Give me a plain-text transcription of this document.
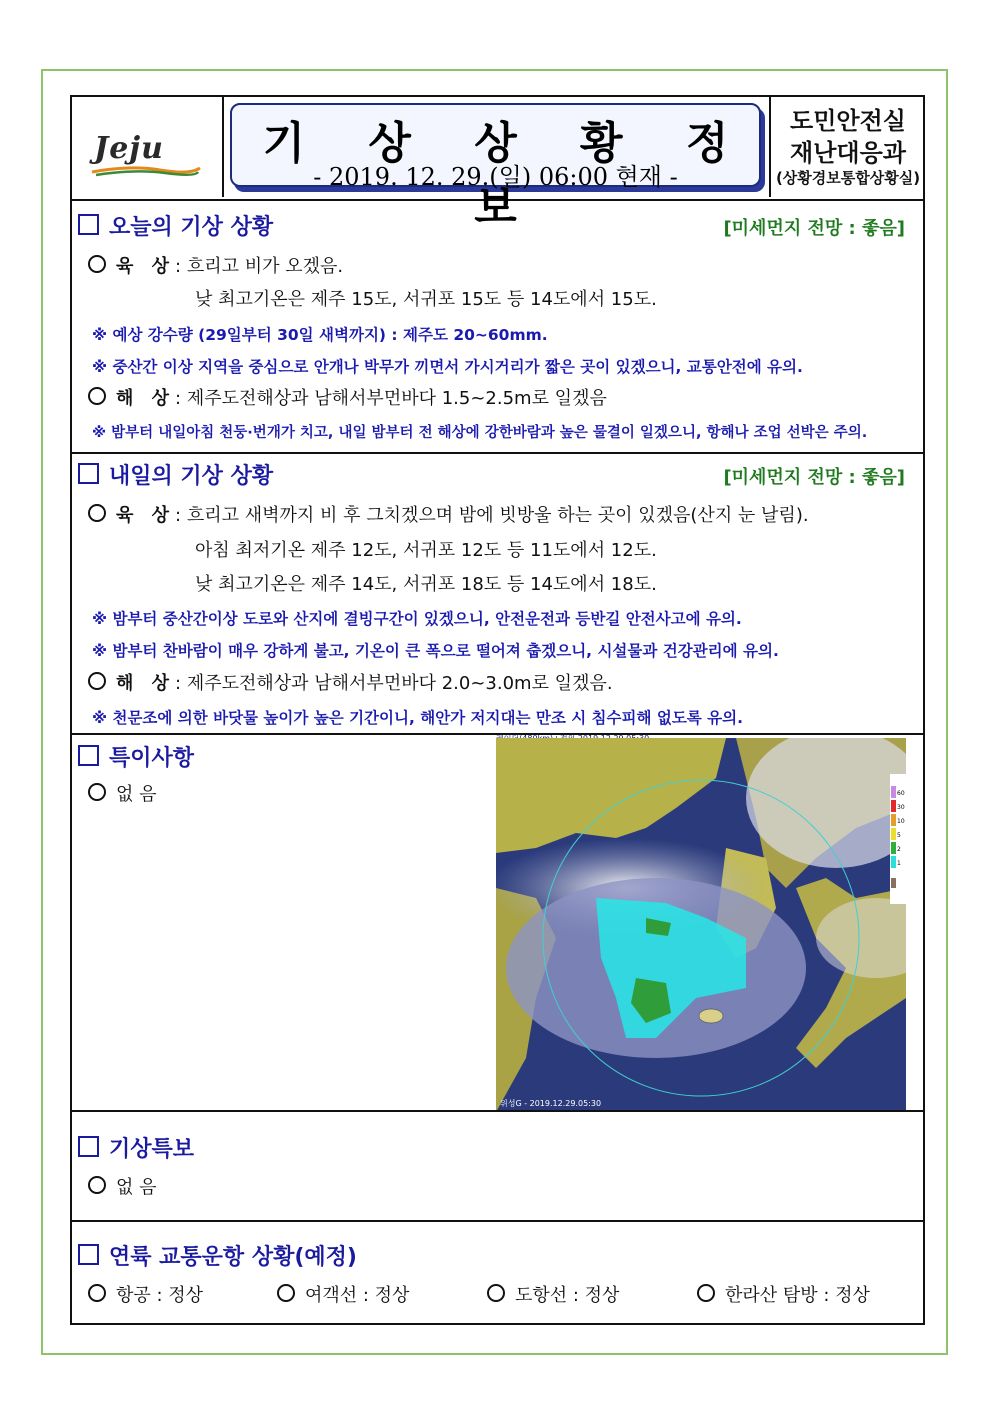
Jeju	기 상 상 황 정 보
- 2019. 12. 29.(일) 06:00 현재 -
도민안전실
재난대응과
(상황경보통합상황실)
오늘의 기상 상황	[미세먼지 전망 : 좋음]
육 상: 흐리고 비가 오겠음.
낮 최고기온은 제주 15도, 서귀포 15도 등 14도에서 15도.
※ 예상 강수량 (29일부터 30일 새벽까지) : 제주도 20~60mm.
※ 중산간 이상 지역을 중심으로 안개나 박무가 끼면서 가시거리가 짧은 곳이 있겠으니, 교통안전에 유의.
해 상: 제주도전해상과 남해서부먼바다 1.5~2.5m로 일겠음
※ 밤부터 내일아침 천둥·번개가 치고, 내일 밤부터 전 해상에 강한바람과 높은 물결이 일겠으니, 항해나 조업 선박은 주의.
내일의 기상 상황	[미세먼지 전망 : 좋음]
육 상: 흐리고 새벽까지 비 후 그치겠으며 밤에 빗방울 하는 곳이 있겠음(산지 눈 날림).
아침 최저기온 제주 12도, 서귀포 12도 등 11도에서 12도.
낮 최고기온은 제주 14도, 서귀포 18도 등 14도에서 18도.
※ 밤부터 중산간이상 도로와 산지에 결빙구간이 있겠으니, 안전운전과 등반길 안전사고에 유의.
※ 밤부터 찬바람이 매우 강하게 불고, 기온이 큰 폭으로 떨어져 춥겠으니, 시설물과 건강관리에 유의.
해 상: 제주도전해상과 남해서부먼바다 2.0~3.0m로 일겠음.
※ 천문조에 의한 바닷물 높이가 높은 기간이니, 해안가 저지대는 만조 시 침수피해 없도록 유의.
특이사항
없 음	60
30
10
5
2
1
위성G - 2019.12.29.05:30
기상특보
없 음
연륙 교통운항 상황(예정)
항공 : 정상	여객선 : 정상	도항선 : 정상	한라산 탐방 : 정상
